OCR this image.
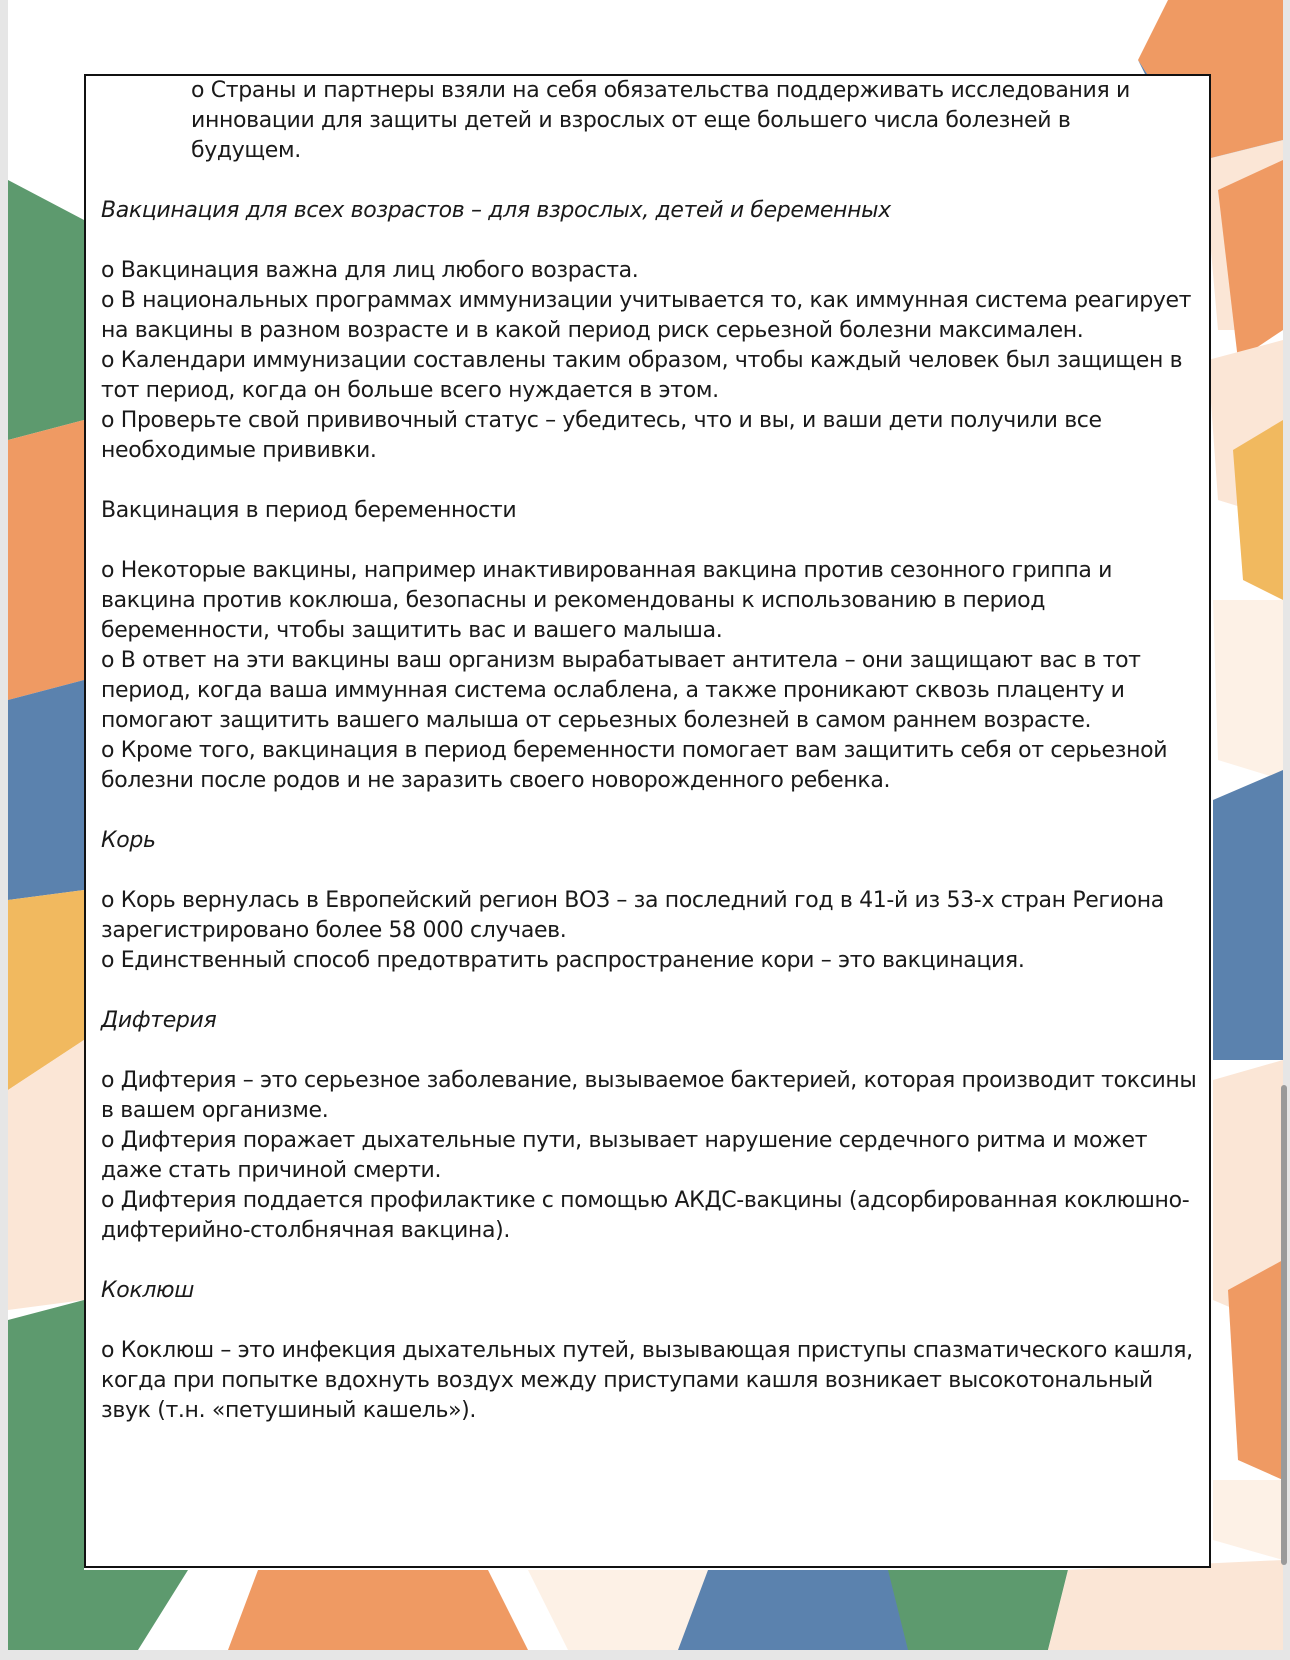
o Страны и партнеры взяли на себя обязательства поддерживать исследования и инновации для защиты детей и взрослых от еще большего числа болезней в будущем.

Вакцинация для всех возрастов – для взрослых, детей и беременных

o Вакцинация важна для лиц любого возраста.

o В национальных программах иммунизации учитывается то, как иммунная система реагирует на вакцины в разном возрасте и в какой период риск серьезной болезни максимален.

o Календари иммунизации составлены таким образом, чтобы каждый человек был защищен в тот период, когда он больше всего нуждается в этом.

o Проверьте свой прививочный статус – убедитесь, что и вы, и ваши дети получили все необходимые прививки.

Вакцинация в период беременности

o Некоторые вакцины, например инактивированная вакцина против сезонного гриппа и вакцина против коклюша, безопасны и рекомендованы к использованию в период беременности, чтобы защитить вас и вашего малыша.

o В ответ на эти вакцины ваш организм вырабатывает антитела – они защищают вас в тот период, когда ваша иммунная система ослаблена, а также проникают сквозь плаценту и помогают защитить вашего малыша от серьезных болезней в самом раннем возрасте.

o Кроме того, вакцинация в период беременности помогает вам защитить себя от серьезной болезни после родов и не заразить своего новорожденного ребенка.

Корь

o Корь вернулась в Европейский регион ВОЗ – за последний год в 41-й из 53-х стран Региона зарегистрировано более 58 000 случаев.

o Единственный способ предотвратить распространение кори – это вакцинация.

Дифтерия

o Дифтерия – это серьезное заболевание, вызываемое бактерией, которая производит токсины в вашем организме.

o Дифтерия поражает дыхательные пути, вызывает нарушение сердечного ритма и может даже стать причиной смерти.

o Дифтерия поддается профилактике с помощью АКДС-вакцины (адсорбированная коклюшно-дифтерийно-столбнячная вакцина).

Коклюш

o Коклюш – это инфекция дыхательных путей, вызывающая приступы спазматического кашля, когда при попытке вдохнуть воздух между приступами кашля возникает высокотональный звук (т.н. «петушиный кашель»).
